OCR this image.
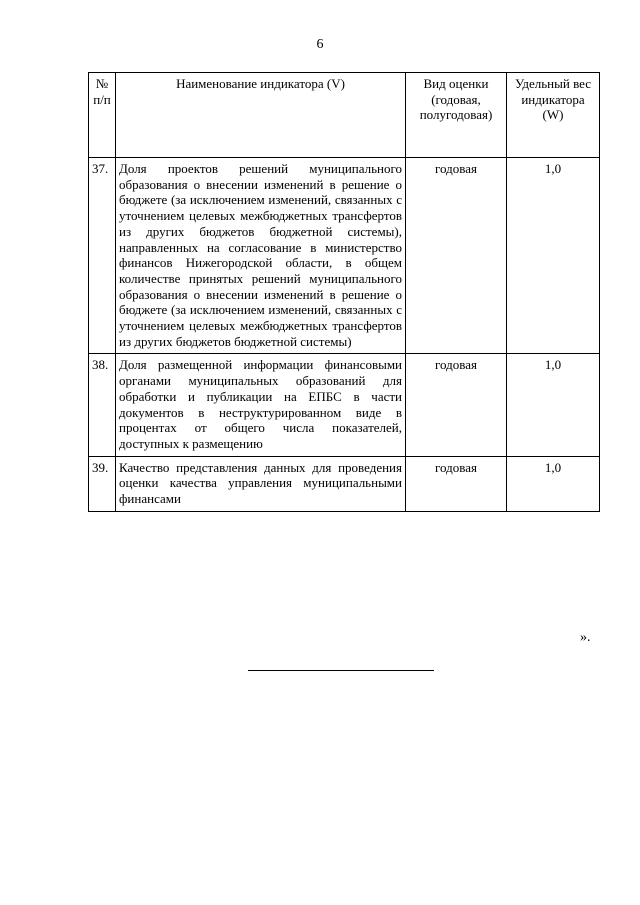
6
№ п/п	Наименование индикатора (V)	Вид оценки (годовая, полугодовая)	Удельный вес индикатора (W)
37.	Доля проектов решений муниципального образования о внесении изменений в решение о бюджете (за исключением изменений, связанных с уточнением целевых межбюджетных трансфертов из других бюджетов бюджетной системы), направленных на согласование в министерство финансов Нижегородской области, в общем количестве принятых решений муниципального образования о внесении изменений в решение о бюджете (за исключением изменений, связанных с уточнением целевых межбюджетных трансфертов из других бюджетов бюджетной системы)	годовая	1,0
38.	Доля размещенной информации финансовыми органами муниципальных образований для обработки и публикации на ЕПБС в части документов в неструктурированном виде в процентах от общего числа показателей, доступных к размещению	годовая	1,0
39.	Качество представления данных для проведения оценки качества управления муниципальными финансами	годовая	1,0
».
